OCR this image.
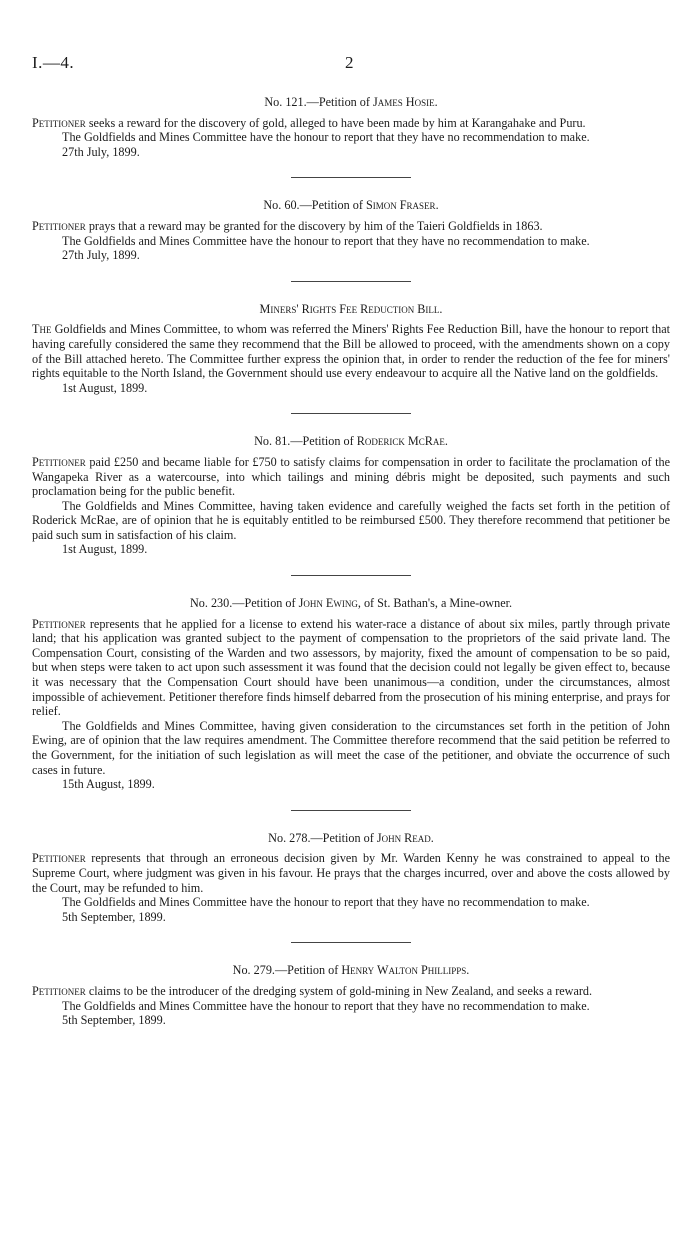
I.—4.	2
No. 121.—Petition of James Hosie.

Petitioner seeks a reward for the discovery of gold, alleged to have been made by him at Karangahake and Puru.

The Goldfields and Mines Committee have the honour to report that they have no recommendation to make.

27th July, 1899.
No. 60.—Petition of Simon Fraser.

Petitioner prays that a reward may be granted for the discovery by him of the Taieri Goldfields in 1863.

The Goldfields and Mines Committee have the honour to report that they have no recommendation to make.

27th July, 1899.
Miners' Rights Fee Reduction Bill.

The Goldfields and Mines Committee, to whom was referred the Miners' Rights Fee Reduction Bill, have the honour to report that having carefully considered the same they recommend that the Bill be allowed to proceed, with the amendments shown on a copy of the Bill attached hereto. The Committee further express the opinion that, in order to render the reduction of the fee for miners' rights equitable to the North Island, the Government should use every endeavour to acquire all the Native land on the goldfields.

1st August, 1899.
No. 81.—Petition of Roderick McRae.

Petitioner paid £250 and became liable for £750 to satisfy claims for compensation in order to facilitate the proclamation of the Wangapeka River as a watercourse, into which tailings and mining débris might be deposited, such payments and such proclamation being for the public benefit.

The Goldfields and Mines Committee, having taken evidence and carefully weighed the facts set forth in the petition of Roderick McRae, are of opinion that he is equitably entitled to be reimbursed £500. They therefore recommend that petitioner be paid such sum in satisfaction of his claim.

1st August, 1899.
No. 230.—Petition of John Ewing, of St. Bathan's, a Mine-owner.

Petitioner represents that he applied for a license to extend his water-race a distance of about six miles, partly through private land; that his application was granted subject to the payment of compensation to the proprietors of the said private land. The Compensation Court, consisting of the Warden and two assessors, by majority, fixed the amount of compensation to be so paid, but when steps were taken to act upon such assessment it was found that the decision could not legally be given effect to, because it was necessary that the Compensation Court should have been unanimous—a condition, under the circumstances, almost impossible of achievement. Petitioner therefore finds himself debarred from the prosecution of his mining enterprise, and prays for relief.

The Goldfields and Mines Committee, having given consideration to the circumstances set forth in the petition of John Ewing, are of opinion that the law requires amendment. The Committee therefore recommend that the said petition be referred to the Government, for the initiation of such legislation as will meet the case of the petitioner, and obviate the occurrence of such cases in future.

15th August, 1899.
No. 278.—Petition of John Read.

Petitioner represents that through an erroneous decision given by Mr. Warden Kenny he was constrained to appeal to the Supreme Court, where judgment was given in his favour. He prays that the charges incurred, over and above the costs allowed by the Court, may be refunded to him.

The Goldfields and Mines Committee have the honour to report that they have no recommendation to make.

5th September, 1899.
No. 279.—Petition of Henry Walton Phillipps.

Petitioner claims to be the introducer of the dredging system of gold-mining in New Zealand, and seeks a reward.

The Goldfields and Mines Committee have the honour to report that they have no recommendation to make.

5th September, 1899.
